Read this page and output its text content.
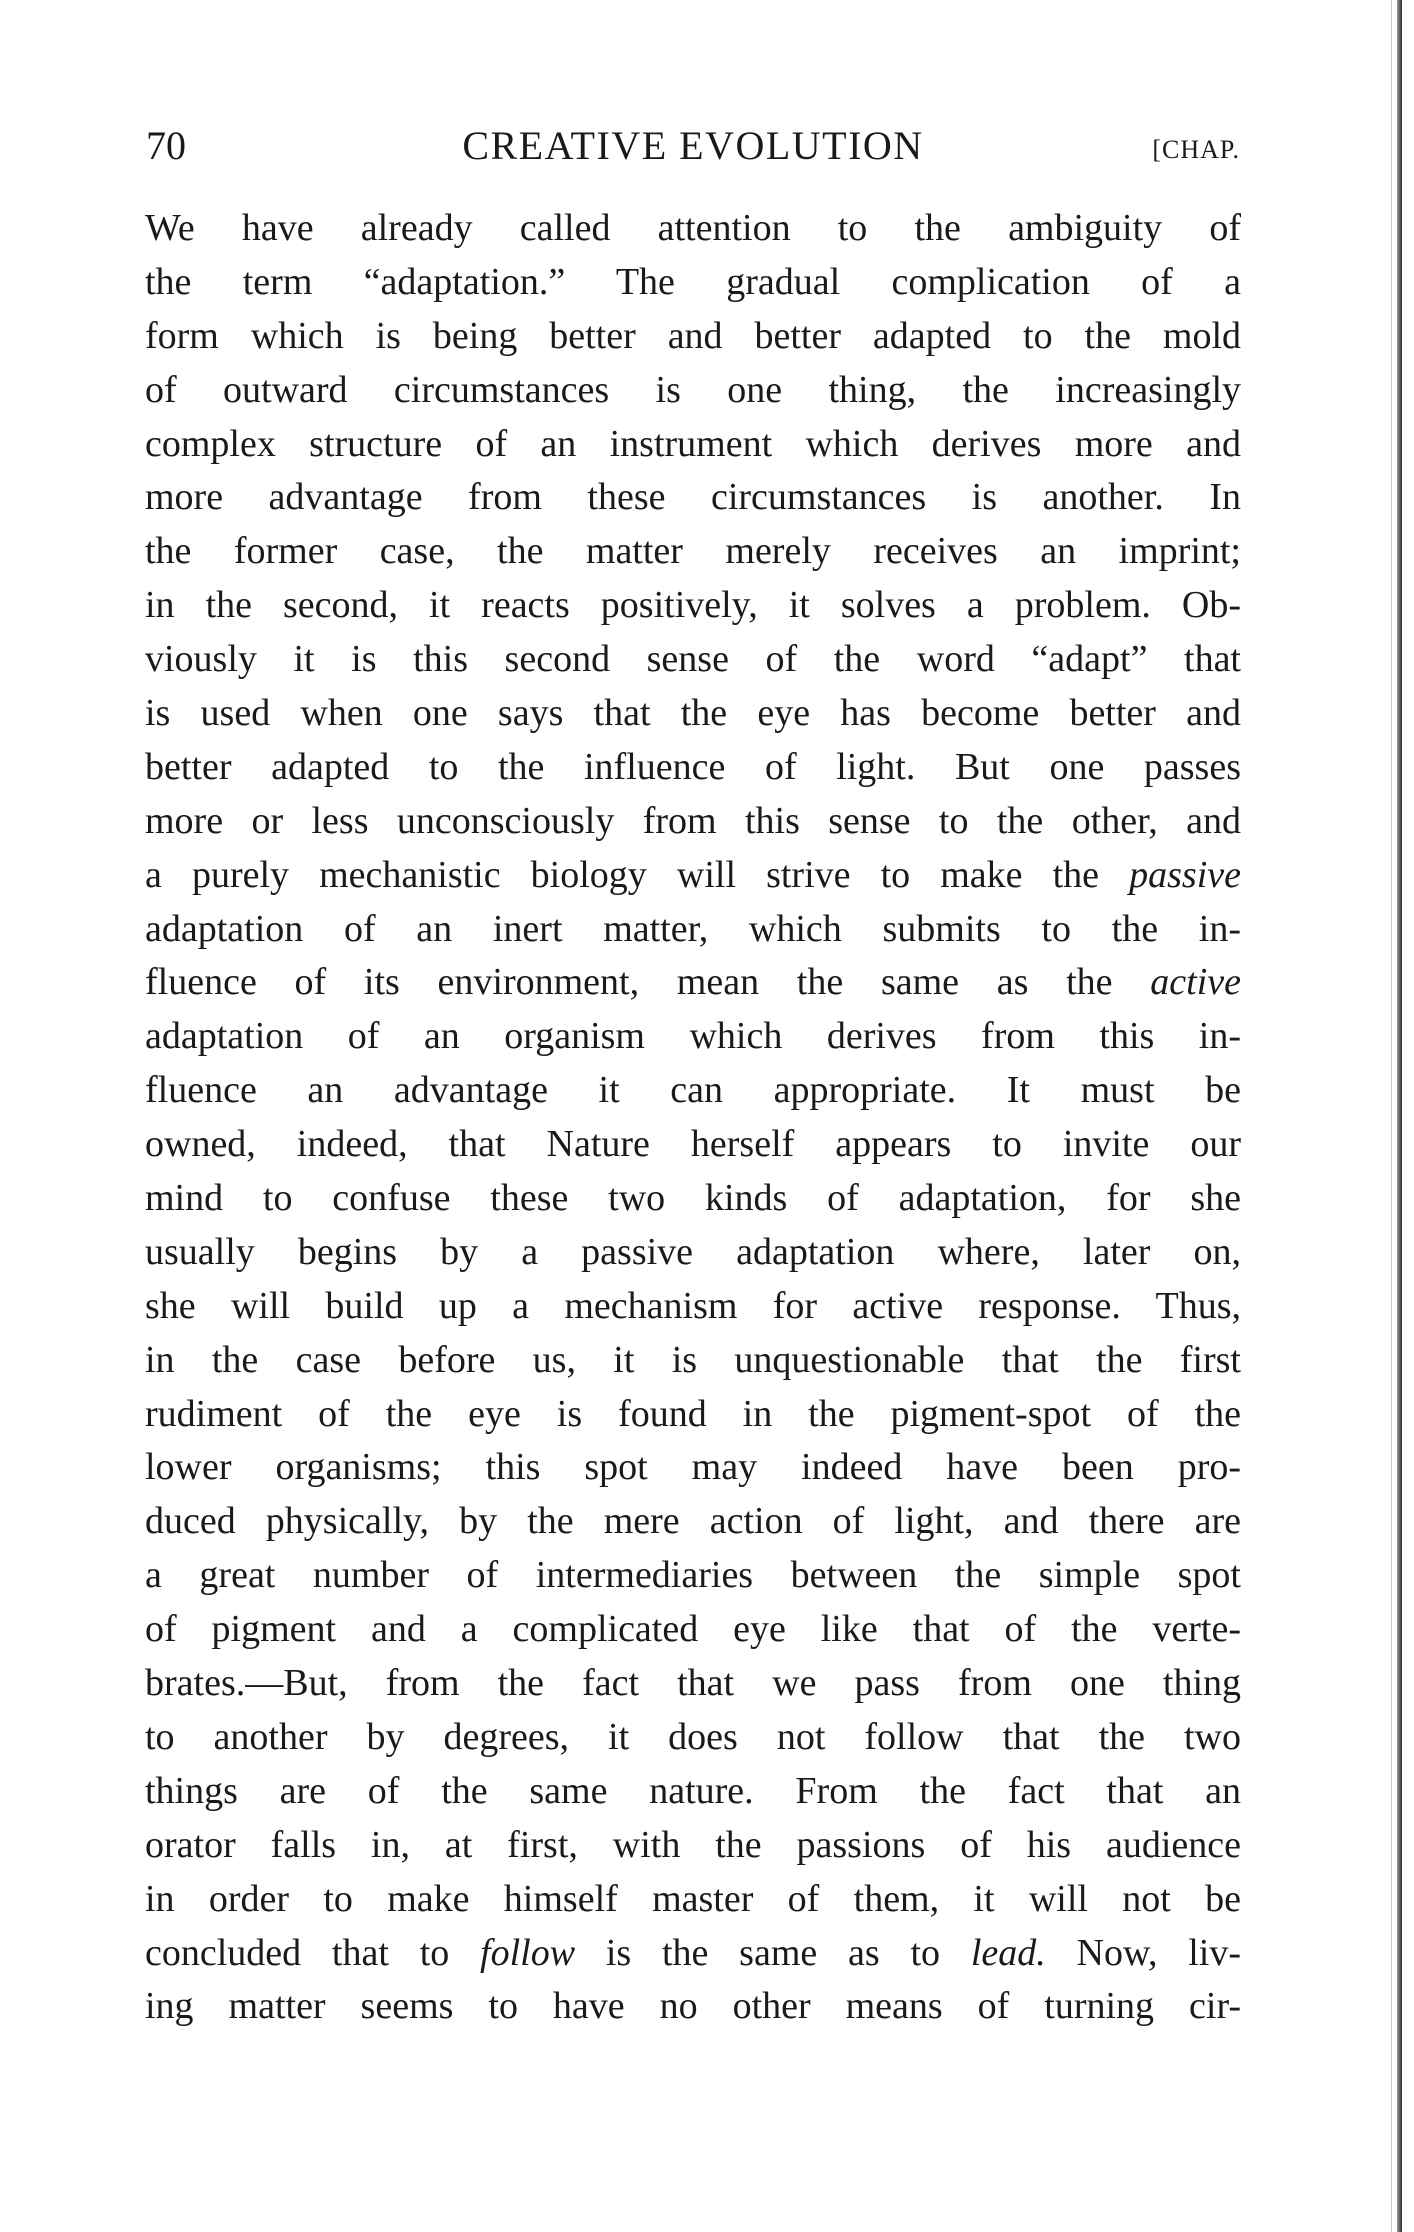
70	CREATIVE EVOLUTION	[CHAP.
We have already called attention to the ambiguity of
the term “adaptation.” The gradual complication of a
form which is being better and better adapted to the mold
of outward circumstances is one thing, the increasingly
complex structure of an instrument which derives more and
more advantage from these circumstances is another. In
the former case, the matter merely receives an imprint;
in the second, it reacts positively, it solves a problem. Ob-
viously it is this second sense of the word “adapt” that
is used when one says that the eye has become better and
better adapted to the influence of light. But one passes
more or less unconsciously from this sense to the other, and
a purely mechanistic biology will strive to make the passive
adaptation of an inert matter, which submits to the in-
fluence of its environment, mean the same as the active
adaptation of an organism which derives from this in-
fluence an advantage it can appropriate. It must be
owned, indeed, that Nature herself appears to invite our
mind to confuse these two kinds of adaptation, for she
usually begins by a passive adaptation where, later on,
she will build up a mechanism for active response. Thus,
in the case before us, it is unquestionable that the first
rudiment of the eye is found in the pigment-spot of the
lower organisms; this spot may indeed have been pro-
duced physically, by the mere action of light, and there are
a great number of intermediaries between the simple spot
of pigment and a complicated eye like that of the verte-
brates.—But, from the fact that we pass from one thing
to another by degrees, it does not follow that the two
things are of the same nature. From the fact that an
orator falls in, at first, with the passions of his audience
in order to make himself master of them, it will not be
concluded that to follow is the same as to lead. Now, liv-
ing matter seems to have no other means of turning cir-
